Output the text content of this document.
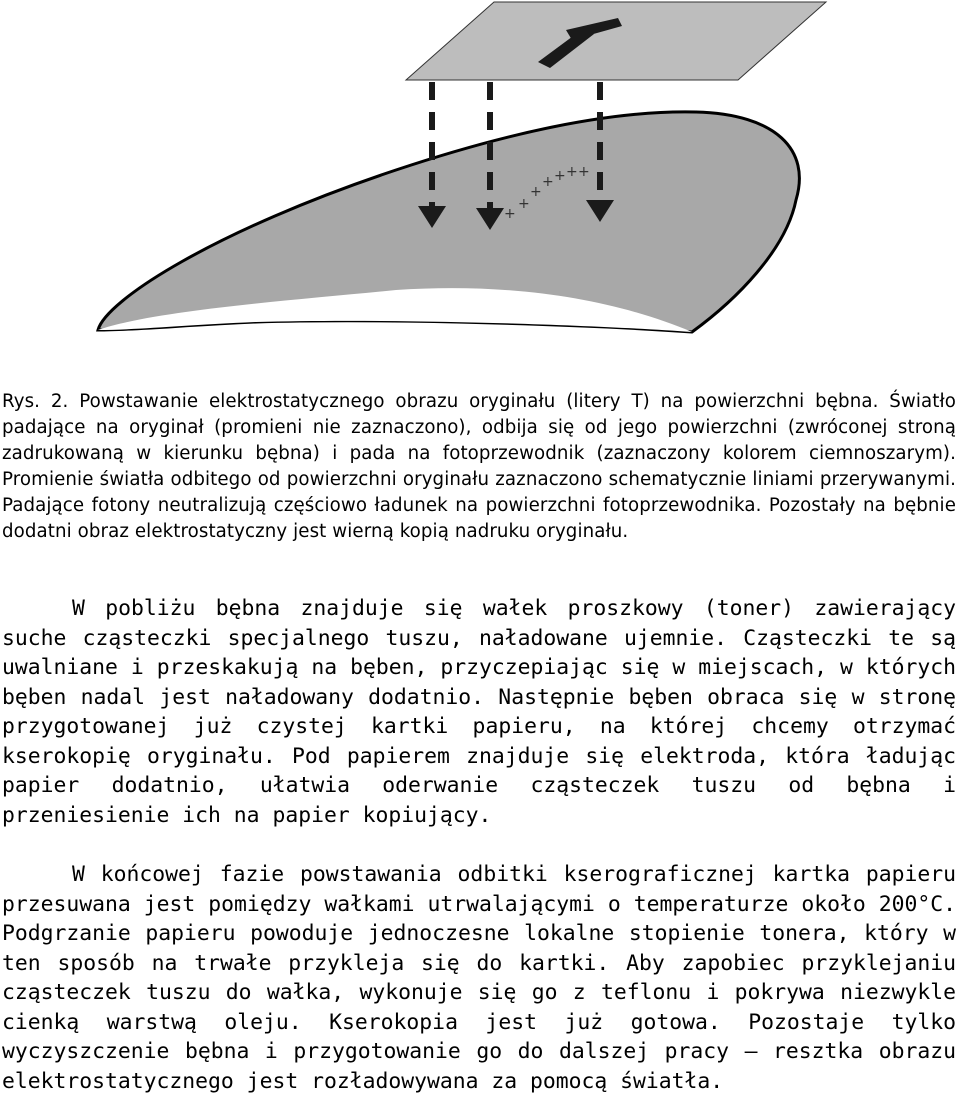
+
+
+
+ + + +

Rys. 2. Powstawanie elektrostatycznego obrazu oryginału (litery T) na powierzchni bębna. Światło padające na oryginał (promieni nie zaznaczono), odbija się od jego powierzchni (zwróconej stroną zadrukowaną w kierunku bębna) i pada na fotoprzewodnik (zaznaczony kolorem ciemnoszarym). Promienie światła odbitego od powierzchni oryginału zaznaczono schematycznie liniami przerywanymi. Padające fotony neutralizują częściowo ładunek na powierzchni fotoprzewodnika. Pozostały na bębnie dodatni obraz elektrostatyczny jest wierną kopią nadruku oryginału.

W pobliżu bębna znajduje się wałek proszkowy (toner) zawierający suche cząsteczki specjalnego tuszu, naładowane ujemnie. Cząsteczki te są uwalniane i przeskakują na bęben, przyczepiając się w miejscach, w których bęben nadal jest naładowany dodatnio. Następnie bęben obraca się w stronę przygotowanej już czystej kartki papieru, na której chcemy otrzymać kserokopię oryginału. Pod papierem znajduje się elektroda, która ładując papier dodatnio, ułatwia oderwanie cząsteczek tuszu od bębna i przeniesienie ich na papier kopiujący.

W końcowej fazie powstawania odbitki kserograficznej kartka papieru przesuwana jest pomiędzy wałkami utrwalającymi o temperaturze około 200°C. Podgrzanie papieru powoduje jednoczesne lokalne stopienie tonera, który w ten sposób na trwałe przykleja się do kartki. Aby zapobiec przyklejaniu cząsteczek tuszu do wałka, wykonuje się go z teflonu i pokrywa niezwykle cienką warstwą oleju. Kserokopia jest już gotowa. Pozostaje tylko wyczyszczenie bębna i przygotowanie go do dalszej pracy – resztka obrazu elektrostatycznego jest rozładowywana za pomocą światła.
